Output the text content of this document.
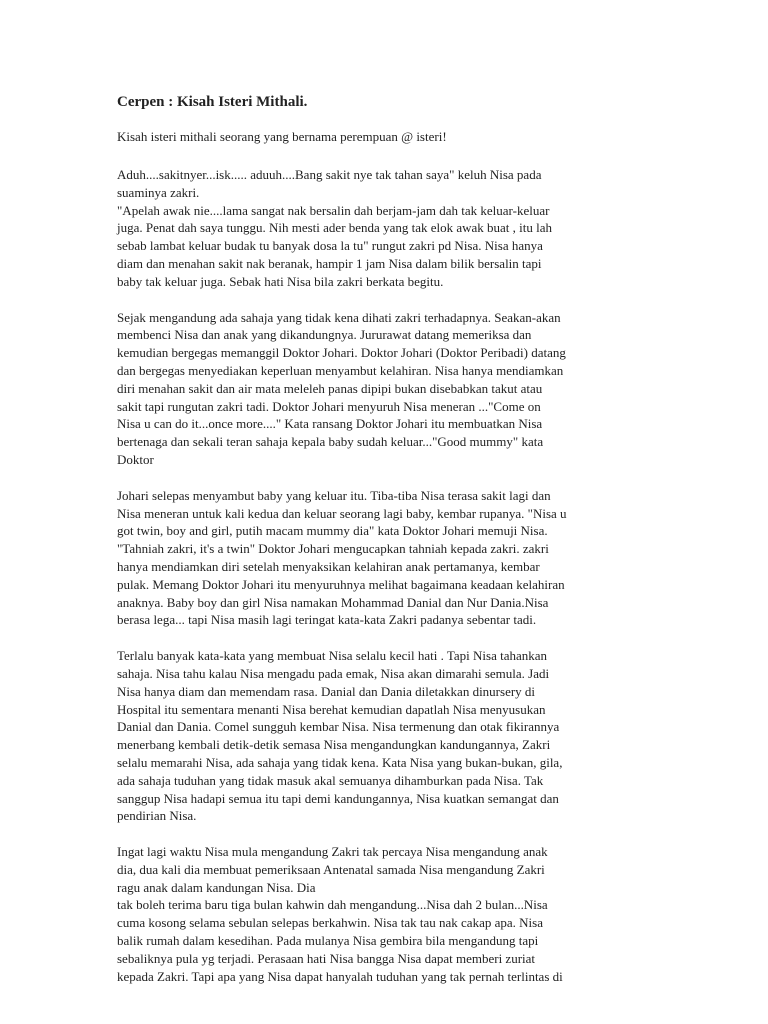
Cerpen : Kisah Isteri Mithali.
Kisah isteri mithali seorang yang bernama perempuan @ isteri!
Aduh....sakitnyer...isk..... aduuh....Bang sakit nye tak tahan saya" keluh Nisa pada
suaminya zakri.
"Apelah awak nie....lama sangat nak bersalin dah berjam-jam dah tak keluar-keluar
juga. Penat dah saya tunggu. Nih mesti ader benda yang tak elok awak buat , itu lah
sebab lambat keluar budak tu banyak dosa la tu" rungut zakri pd Nisa. Nisa hanya
diam dan menahan sakit nak beranak, hampir 1 jam Nisa dalam bilik bersalin tapi
baby tak keluar juga. Sebak hati Nisa bila zakri berkata begitu.
Sejak mengandung ada sahaja yang tidak kena dihati zakri terhadapnya. Seakan-akan
membenci Nisa dan anak yang dikandungnya. Jururawat datang memeriksa dan
kemudian bergegas memanggil Doktor Johari. Doktor Johari (Doktor Peribadi) datang
dan bergegas menyediakan keperluan menyambut kelahiran. Nisa hanya mendiamkan
diri menahan sakit dan air mata meleleh panas dipipi bukan disebabkan takut atau
sakit tapi rungutan zakri tadi. Doktor Johari menyuruh Nisa meneran ..."Come on
Nisa u can do it...once more...." Kata ransang Doktor Johari itu membuatkan Nisa
bertenaga dan sekali teran sahaja kepala baby sudah keluar..."Good mummy" kata
Doktor
Johari selepas menyambut baby yang keluar itu. Tiba-tiba Nisa terasa sakit lagi dan
Nisa meneran untuk kali kedua dan keluar seorang lagi baby, kembar rupanya. "Nisa u
got twin, boy and girl, putih macam mummy dia" kata Doktor Johari memuji Nisa.
"Tahniah zakri, it's a twin" Doktor Johari mengucapkan tahniah kepada zakri. zakri
hanya mendiamkan diri setelah menyaksikan kelahiran anak pertamanya, kembar
pulak. Memang Doktor Johari itu menyuruhnya melihat bagaimana keadaan kelahiran
anaknya. Baby boy dan girl Nisa namakan Mohammad Danial dan Nur Dania.Nisa
berasa lega... tapi Nisa masih lagi teringat kata-kata Zakri padanya sebentar tadi.
Terlalu banyak kata-kata yang membuat Nisa selalu kecil hati . Tapi Nisa tahankan
sahaja. Nisa tahu kalau Nisa mengadu pada emak, Nisa akan dimarahi semula. Jadi
Nisa hanya diam dan memendam rasa. Danial dan Dania diletakkan dinursery di
Hospital itu sementara menanti Nisa berehat kemudian dapatlah Nisa menyusukan
Danial dan Dania. Comel sungguh kembar Nisa. Nisa termenung dan otak fikirannya
menerbang kembali detik-detik semasa Nisa mengandungkan kandungannya, Zakri
selalu memarahi Nisa, ada sahaja yang tidak kena. Kata Nisa yang bukan-bukan, gila,
ada sahaja tuduhan yang tidak masuk akal semuanya dihamburkan pada Nisa. Tak
sanggup Nisa hadapi semua itu tapi demi kandungannya, Nisa kuatkan semangat dan
pendirian Nisa.
Ingat lagi waktu Nisa mula mengandung Zakri tak percaya Nisa mengandung anak
dia, dua kali dia membuat pemeriksaan Antenatal samada Nisa mengandung Zakri
ragu anak dalam kandungan Nisa. Dia
tak boleh terima baru tiga bulan kahwin dah mengandung...Nisa dah 2 bulan...Nisa
cuma kosong selama sebulan selepas berkahwin. Nisa tak tau nak cakap apa. Nisa
balik rumah dalam kesedihan. Pada mulanya Nisa gembira bila mengandung tapi
sebaliknya pula yg terjadi. Perasaan hati Nisa bangga Nisa dapat memberi zuriat
kepada Zakri. Tapi apa yang Nisa dapat hanyalah tuduhan yang tak pernah terlintas di
